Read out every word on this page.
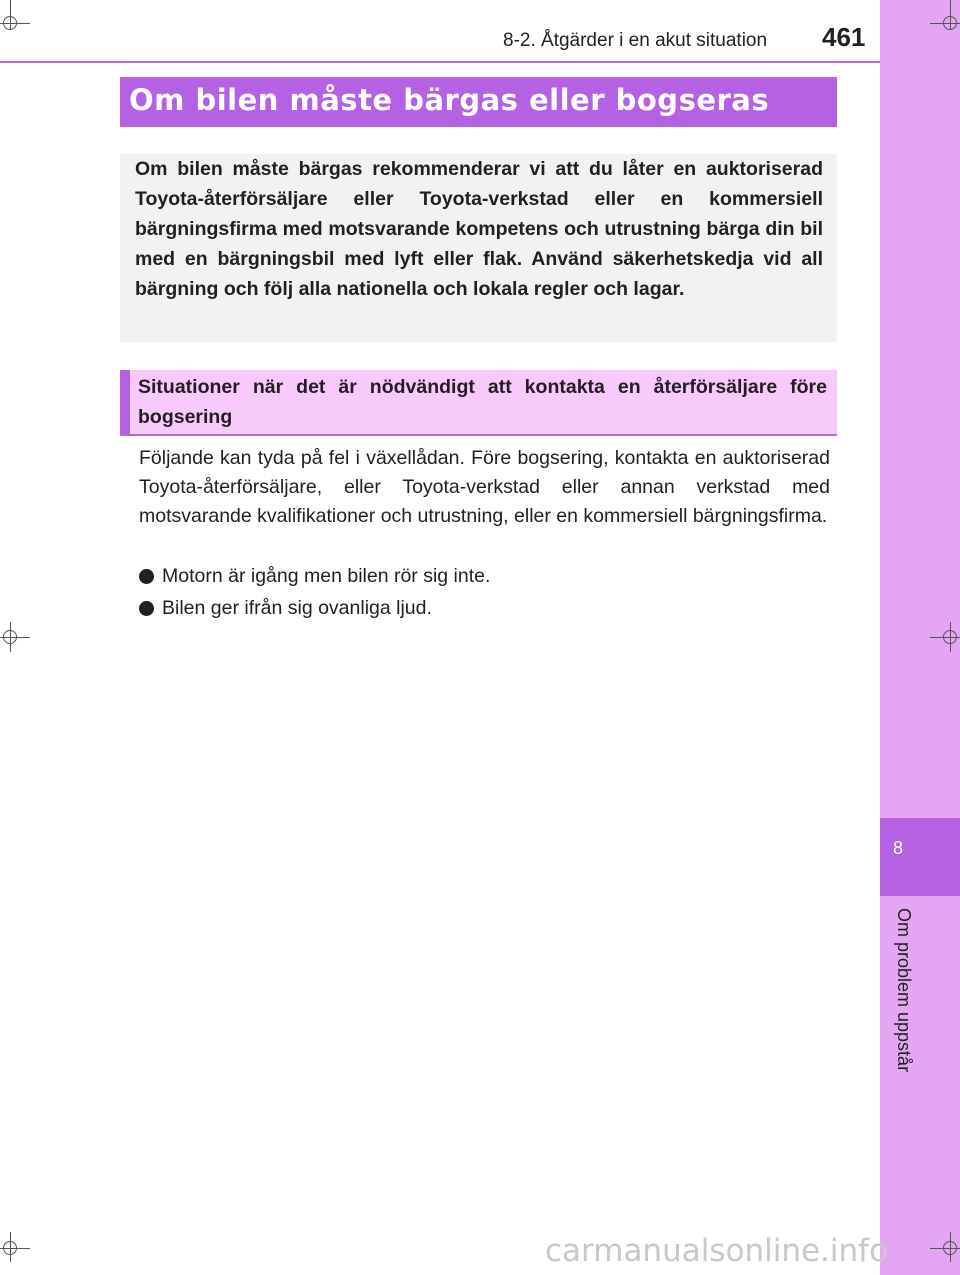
8-2. Åtgärder i en akut situation 461
8
Om problem uppstår
Om bilen måste bärgas eller bogseras
Om bilen måste bärgas rekommenderar vi att du låter en auktoriserad Toyota-återförsäljare eller Toyota-verkstad eller en kommersiell bärgningsfirma med motsvarande kompetens och utrustning bärga din bil med en bärgningsbil med lyft eller flak. Använd säkerhetskedja vid all bärgning och följ alla nationella och lokala regler och lagar.
Situationer när det är nödvändigt att kontakta en återförsäljare före bogsering
Följande kan tyda på fel i växellådan. Före bogsering, kontakta en auktoriserad Toyota-återförsäljare, eller Toyota-verkstad eller annan verkstad med motsvarande kvalifikationer och utrustning, eller en kommersiell bärgningsfirma.
Motorn är igång men bilen rör sig inte.
Bilen ger ifrån sig ovanliga ljud.
carmanualsonline.info
